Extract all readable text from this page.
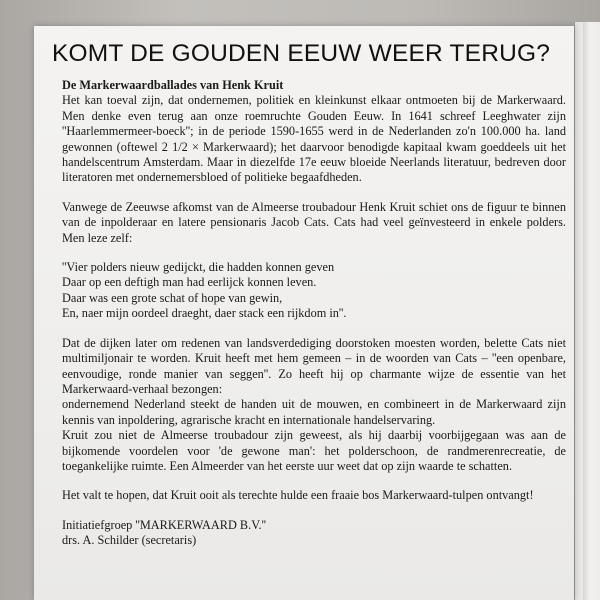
KOMT DE GOUDEN EEUW WEER TERUG?

De Markerwaardballades van Henk Kruit

Het kan toeval zijn, dat ondernemen, politiek en kleinkunst elkaar ontmoeten bij de Markerwaard. Men denke even terug aan onze roemruchte Gouden Eeuw. In 1641 schreef Leeghwater zijn ''Haarlemmermeer-boeck''; in de periode 1590-1655 werd in de Nederlanden zo'n 100.000 ha. land gewonnen (oftewel 2 1/2 × Markerwaard); het daarvoor benodigde kapitaal kwam goeddeels uit het handelscentrum Amsterdam. Maar in diezelfde 17e eeuw bloeide Neerlands literatuur, bedreven door literatoren met ondernemersbloed of politieke begaafdheden.

Vanwege de Zeeuwse afkomst van de Almeerse troubadour Henk Kruit schiet ons de figuur te binnen van de inpolderaar en latere pensionaris Jacob Cats. Cats had veel geïnvesteerd in enkele polders. Men leze zelf:

''Vier polders nieuw gedijckt, die hadden konnen geven

Daar op een deftigh man had eerlijck konnen leven.

Daar was een grote schat of hope van gewin,

En, naer mijn oordeel draeght, daer stack een rijkdom in''.

Dat de dijken later om redenen van landsverdediging doorstoken moesten worden, belette Cats niet multimiljonair te worden. Kruit heeft met hem gemeen – in de woorden van Cats – ''een openbare, eenvoudige, ronde manier van seggen''. Zo heeft hij op charmante wijze de essentie van het Markerwaard-verhaal bezongen:

ondernemend Nederland steekt de handen uit de mouwen, en combineert in de Markerwaard zijn kennis van inpoldering, agrarische kracht en internationale handelservaring.

Kruit zou niet de Almeerse troubadour zijn geweest, als hij daarbij voorbijgegaan was aan de bijkomende voordelen voor 'de gewone man': het polderschoon, de randmerenrecreatie, de toegankelijke ruimte. Een Almeerder van het eerste uur weet dat op zijn waarde te schatten.

Het valt te hopen, dat Kruit ooit als terechte hulde een fraaie bos Markerwaard-tulpen ontvangt!

Initiatiefgroep ''MARKERWAARD B.V.''

drs. A. Schilder (secretaris)
